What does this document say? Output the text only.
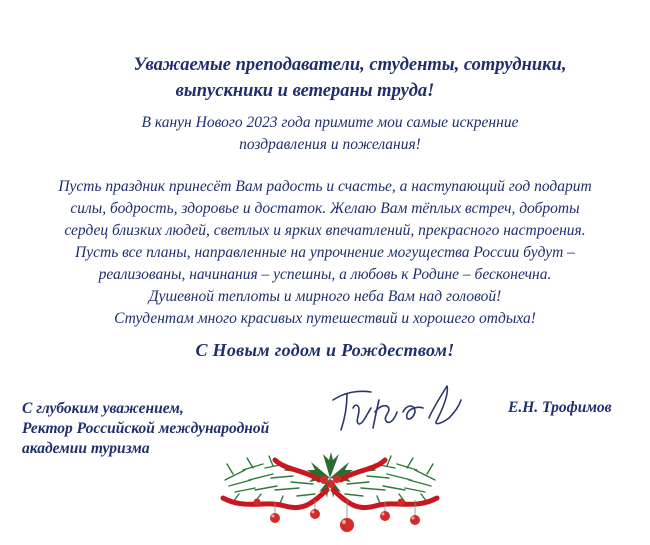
Уважаемые преподаватели, студенты, сотрудники,
выпускники и ветераны труда!
В канун Нового 2023 года примите мои самые искренние
поздравления и пожелания!
Пусть праздник принесёт Вам радость и счастье, а наступающий год подарит
силы, бодрость, здоровье и достаток. Желаю Вам тёплых встреч, доброты
сердец близких людей, светлых и ярких впечатлений, прекрасного настроения.
Пусть все планы, направленные на упрочнение могущества России будут –
реализованы, начинания – успешны, а любовь к Родине – бесконечна.
Душевной теплоты и мирного неба Вам над головой!
Студентам много красивых путешествий и хорошего отдыха!
С Новым годом и Рождеством!
С глубоким уважением,
Ректор Российской международной
академии туризма
Е.Н. Трофимов
